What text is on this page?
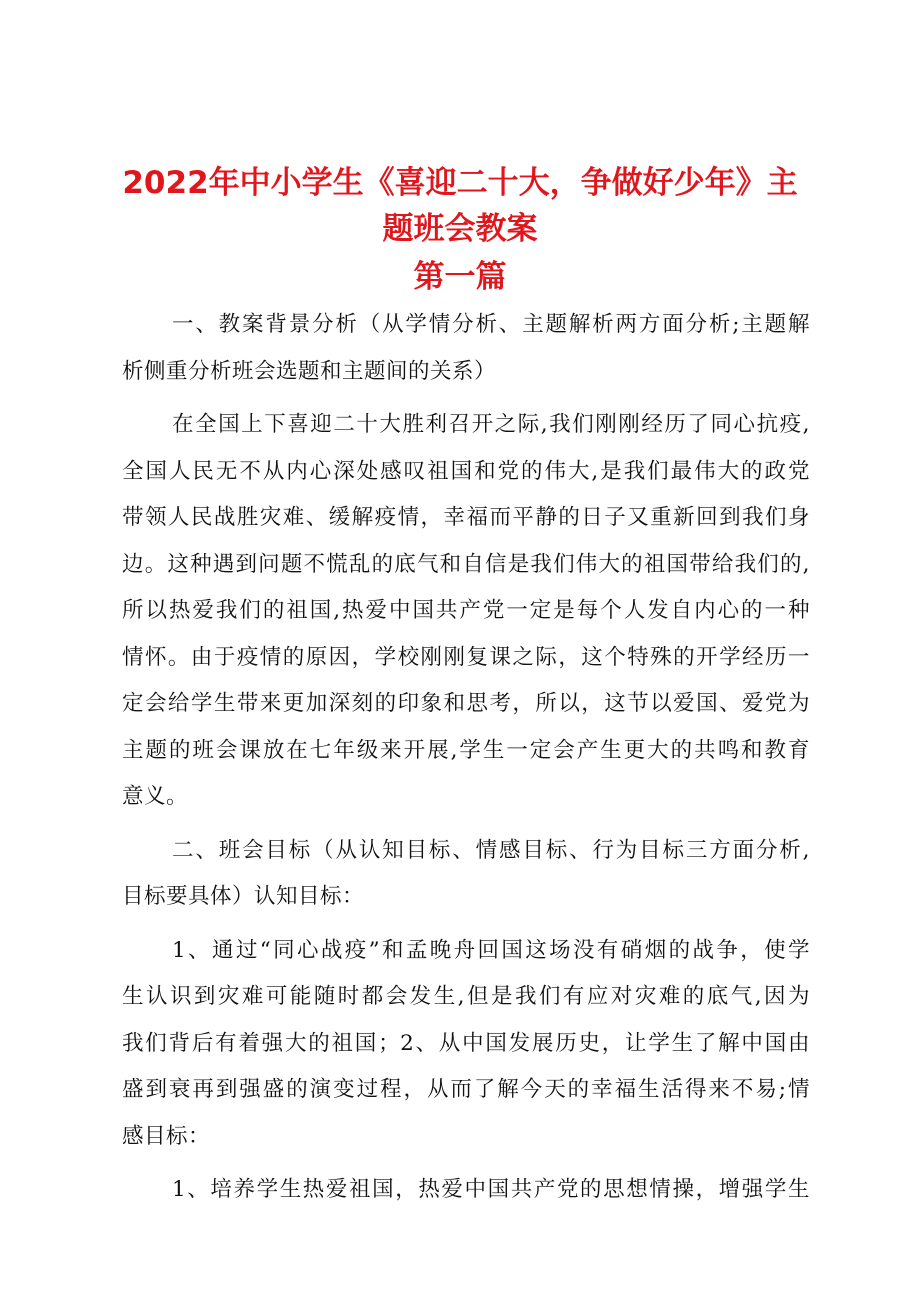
2022年中小学生《喜迎二十大，争做好少年》主
题班会教案
第一篇

一、教案背景分析（从学情分析、主题解析两方面分析;主题解
析侧重分析班会选题和主题间的关系）

在全国上下喜迎二十大胜利召开之际,我们刚刚经历了同心抗疫,
全国人民无不从内心深处感叹祖国和党的伟大,是我们最伟大的政党
带领人民战胜灾难、缓解疫情，幸福而平静的日子又重新回到我们身
边。这种遇到问题不慌乱的底气和自信是我们伟大的祖国带给我们的,
所以热爱我们的祖国,热爱中国共产党一定是每个人发自内心的一种
情怀。由于疫情的原因，学校刚刚复课之际，这个特殊的开学经历一
定会给学生带来更加深刻的印象和思考，所以，这节以爱国、爱党为
主题的班会课放在七年级来开展,学生一定会产生更大的共鸣和教育
意义。

二、班会目标（从认知目标、情感目标、行为目标三方面分析,
目标要具体）认知目标：

1、通过“同心战疫”和孟晚舟回国这场没有硝烟的战争，使学
生认识到灾难可能随时都会发生,但是我们有应对灾难的底气,因为
我们背后有着强大的祖国；2、从中国发展历史，让学生了解中国由
盛到衰再到强盛的演变过程，从而了解今天的幸福生活得来不易;情
感目标：

1、培养学生热爱祖国，热爱中国共产党的思想情操，增强学生
